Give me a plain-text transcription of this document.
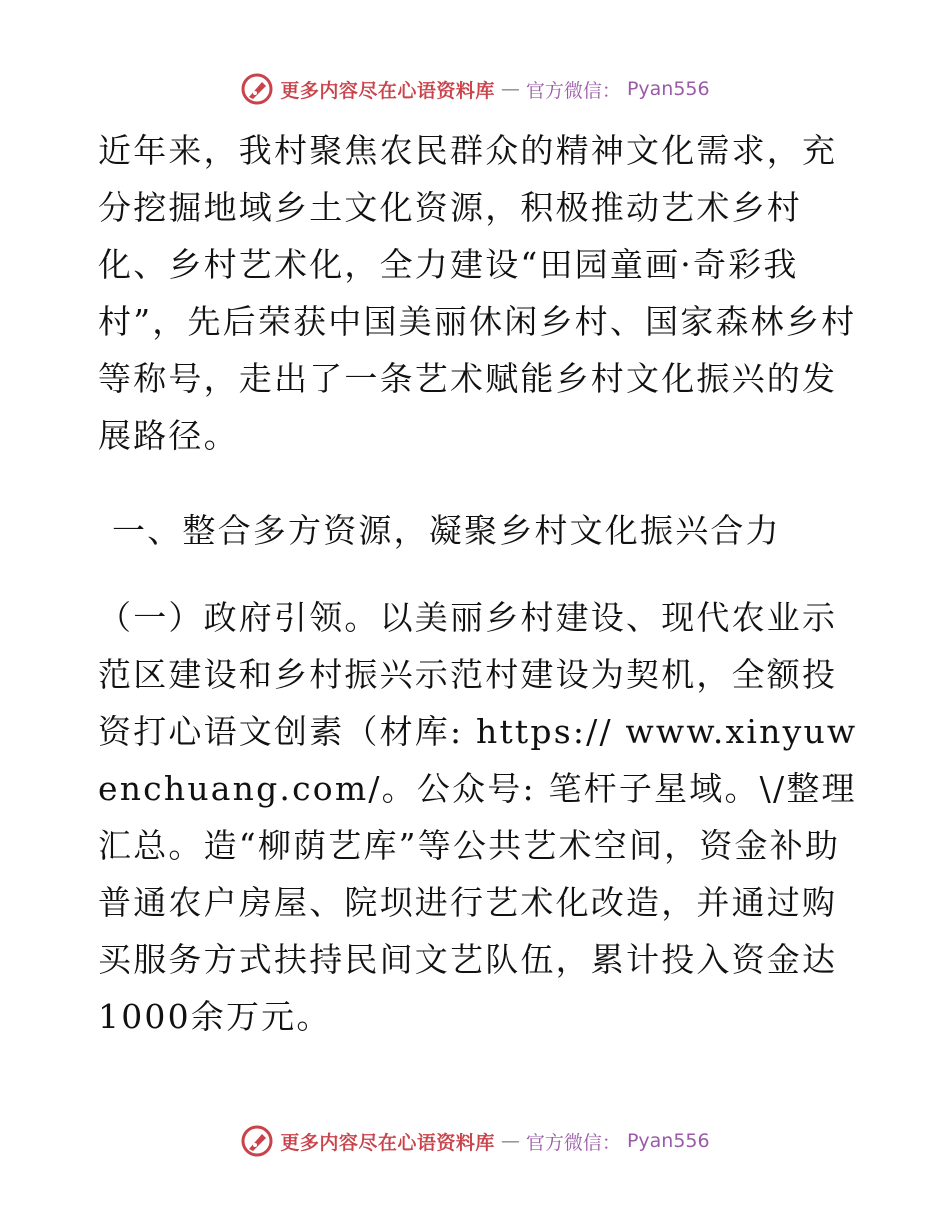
更多内容尽在心语资料库 — 官方微信： Pyan556

近年来，我村聚焦农民群众的精神文化需求，充分挖掘地域乡土文化资源，积极推动艺术乡村化、乡村艺术化，全力建设“田园童画·奇彩我村”，先后荣获中国美丽休闲乡村、国家森林乡村等称号，走出了一条艺术赋能乡村文化振兴的发展路径。

一、整合多方资源，凝聚乡村文化振兴合力

（一）政府引领。以美丽乡村建设、现代农业示范区建设和乡村振兴示范村建设为契机，全额投资打心语文创素（材库: https:// www.xinyuwenchuang.com/。公众号: 笔杆子星域。\/整理汇总。造“柳荫艺库”等公共艺术空间，资金补助普通农户房屋、院坝进行艺术化改造，并通过购买服务方式扶持民间文艺队伍，累计投入资金达1000余万元。

更多内容尽在心语资料库 — 官方微信： Pyan556
